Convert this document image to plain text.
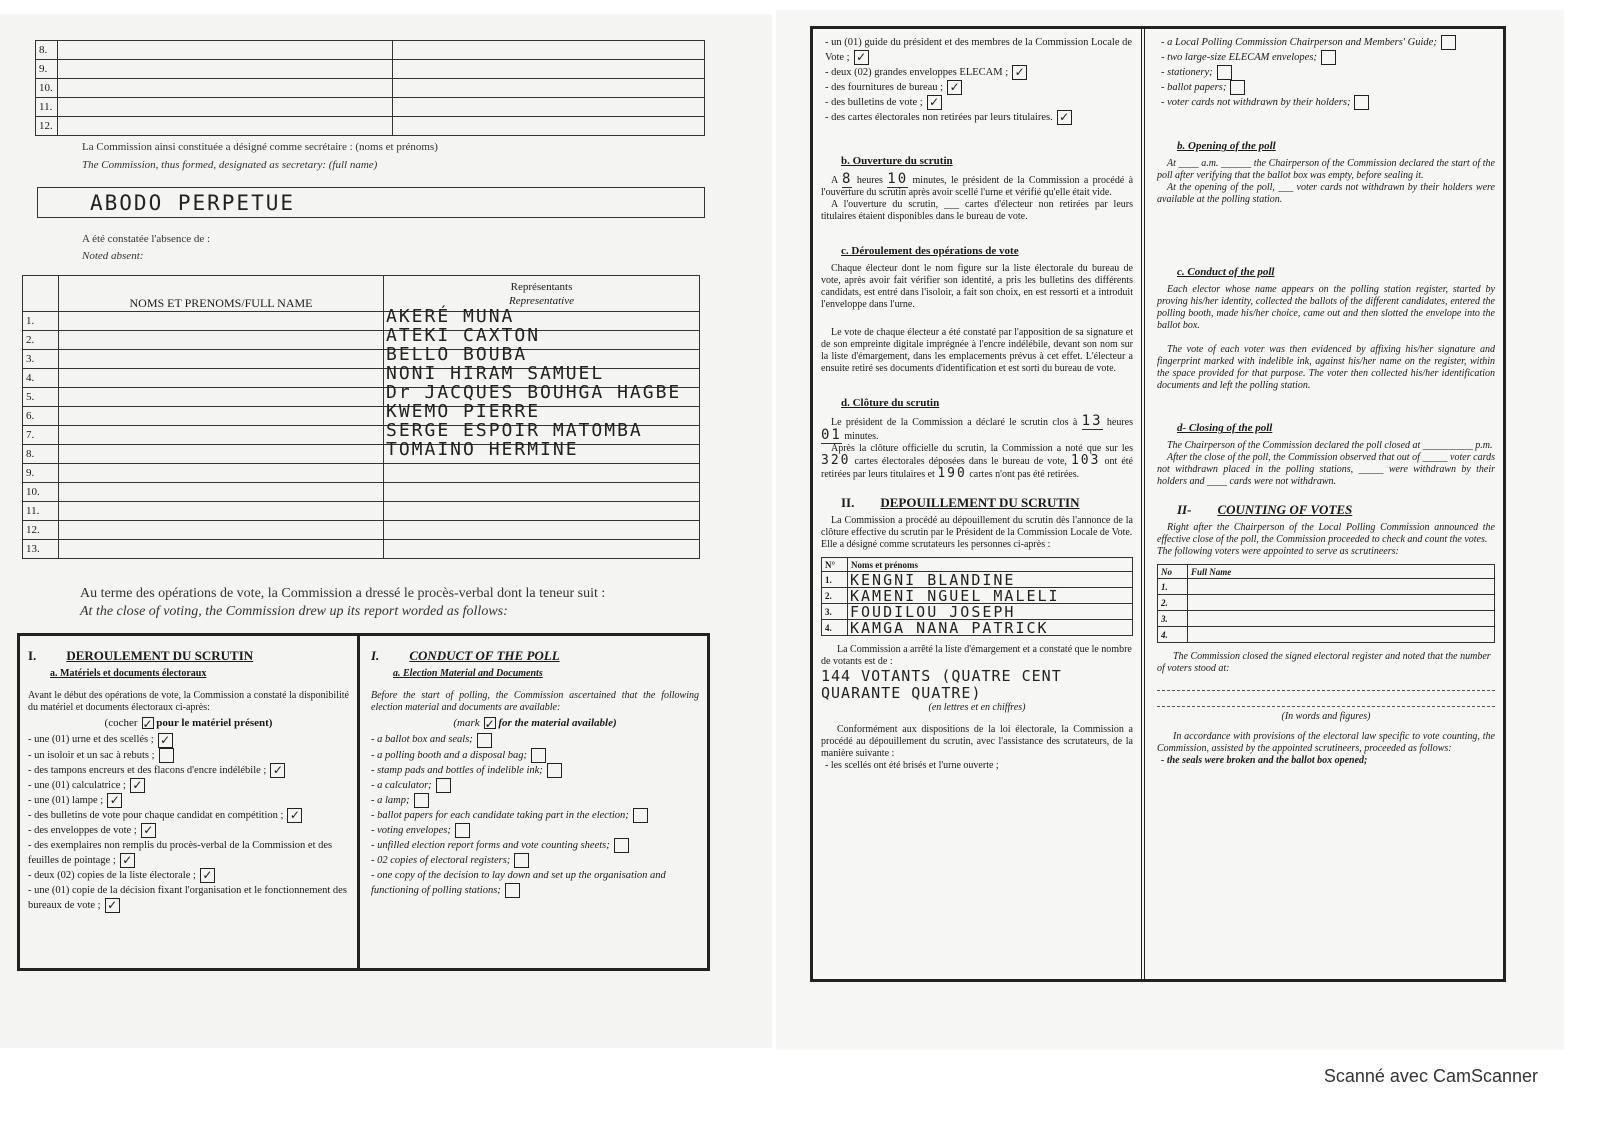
8.		
9.		
10.		
11.		
12.		
La Commission ainsi constituée a désigné comme secrétaire : (noms et prénoms)
The Commission, thus formed, designated as secretary: (full name)
ABODO PERPETUE
A été constatée l'absence de :
Noted absent:
	NOMS ET PRENOMS/FULL NAME	Représentants
Representative
1.		AKERÉ MUNA

2.		ATEKI CAXTON

3.		BELLO BOUBA

4.		NONI HIRAM SAMUEL

5.		Dr JACQUES BOUHGA HAGBE

6.		KWEMO PIERRE

7.		SERGE ESPOIR MATOMBA

8.		TOMAINO HERMINE

9.		

10.		

11.		

12.		

13.		
Au terme des opérations de vote, la Commission a dressé le procès-verbal dont la teneur suit :
At the close of voting, the Commission drew up its report worded as follows:
I. DEROULEMENT DU SCRUTIN
a. Matériels et documents électoraux
Avant le début des opérations de vote, la Commission a constaté la disponibilité du matériel et documents électoraux ci-après:
(cocher ✓ pour le matériel présent)
- une (01) urne et des scellés ; ✓
- un isoloir et un sac à rebuts ;
- des tampons encreurs et des flacons d'encre indélébile ; ✓
- une (01) calculatrice ; ✓
- une (01) lampe ; ✓
- des bulletins de vote pour chaque candidat en compétition ; ✓
- des enveloppes de vote ; ✓
- des exemplaires non remplis du procès-verbal de la Commission et des feuilles de pointage ; ✓
- deux (02) copies de la liste électorale ; ✓
- une (01) copie de la décision fixant l'organisation et le fonctionnement des bureaux de vote ; ✓
I. CONDUCT OF THE POLL
a. Election Material and Documents
Before the start of polling, the Commission ascertained that the following election material and documents are available:
(mark ✓ for the material available)
- a ballot box and seals;
- a polling booth and a disposal bag;
- stamp pads and bottles of indelible ink;
- a calculator;
- a lamp;
- ballot papers for each candidate taking part in the election;
- voting envelopes;
- unfilled election report forms and vote counting sheets;
- 02 copies of electoral registers;
- one copy of the decision to lay down and set up the organisation and functioning of polling stations;
- un (01) guide du président et des membres de la Commission Locale de Vote ; ✓
- deux (02) grandes enveloppes ELECAM ; ✓
- des fournitures de bureau ; ✓
- des bulletins de vote ; ✓
- des cartes électorales non retirées par leurs titulaires. ✓
b. Ouverture du scrutin
A 8 heures 10 minutes, le président de la Commission a procédé à l'ouverture du scrutin après avoir scellé l'urne et vérifié qu'elle était vide.
A l'ouverture du scrutin, ___ cartes d'électeur non retirées par leurs titulaires étaient disponibles dans le bureau de vote.
c. Déroulement des opérations de vote
Chaque électeur dont le nom figure sur la liste électorale du bureau de vote, après avoir fait vérifier son identité, a pris les bulletins des différents candidats, est entré dans l'isoloir, a fait son choix, en est ressorti et a introduit l'enveloppe dans l'urne.
Le vote de chaque électeur a été constaté par l'apposition de sa signature et de son empreinte digitale imprégnée à l'encre indélébile, devant son nom sur la liste d'émargement, dans les emplacements prévus à cet effet. L'électeur a ensuite retiré ses documents d'identification et est sorti du bureau de vote.
d. Clôture du scrutin
Le président de la Commission a déclaré le scrutin clos à 13 heures 01 minutes.
Après la clôture officielle du scrutin, la Commission a noté que sur les 320 cartes électorales déposées dans le bureau de vote, 103 ont été retirées par leurs titulaires et 190 cartes n'ont pas été retirées.
II. DEPOUILLEMENT DU SCRUTIN
La Commission a procédé au dépouillement du scrutin dès l'annonce de la clôture effective du scrutin par le Président de la Commission Locale de Vote.
Elle a désigné comme scrutateurs les personnes ci-après :
N°	Noms et prénoms
1.	KENGNI BLANDINE
2.	KAMENI NGUEL MALELI
3.	FOUDILOU JOSEPH
4.	KAMGA NANA PATRICK
La Commission a arrêté la liste d'émargement et a constaté que le nombre de votants est de :
144 VOTANTS (QUATRE CENT QUARANTE QUATRE)
(en lettres et en chiffres)
Conformément aux dispositions de la loi électorale, la Commission a procédé au dépouillement du scrutin, avec l'assistance des scrutateurs, de la manière suivante :
- les scellés ont été brisés et l'urne ouverte ;
- a Local Polling Commission Chairperson and Members' Guide;
- two large-size ELECAM envelopes;
- stationery;
- ballot papers;
- voter cards not withdrawn by their holders;
b. Opening of the poll
At ____ a.m. ______ the Chairperson of the Commission declared the start of the poll after verifying that the ballot box was empty, before sealing it.
At the opening of the poll, ___ voter cards not withdrawn by their holders were available at the polling station.
c. Conduct of the poll
Each elector whose name appears on the polling station register, started by proving his/her identity, collected the ballots of the different candidates, entered the polling booth, made his/her choice, came out and then slotted the envelope into the ballot box.
The vote of each voter was then evidenced by affixing his/her signature and fingerprint marked with indelible ink, against his/her name on the register, within the space provided for that purpose. The voter then collected his/her identification documents and left the polling station.
d- Closing of the poll
The Chairperson of the Commission declared the poll closed at __________ p.m.
After the close of the poll, the Commission observed that out of _____ voter cards not withdrawn placed in the polling stations, _____ were withdrawn by their holders and ____ cards were not withdrawn.
II- COUNTING OF VOTES
Right after the Chairperson of the Local Polling Commission announced the effective close of the poll, the Commission proceeded to check and count the votes.
The following voters were appointed to serve as scrutineers:
No	Full Name
1.	
2.	
3.	
4.	
The Commission closed the signed electoral register and noted that the number of voters stood at:
(In words and figures)
In accordance with provisions of the electoral law specific to vote counting, the Commission, assisted by the appointed scrutineers, proceeded as follows:
- the seals were broken and the ballot box opened;
Scanné avec CamScanner
